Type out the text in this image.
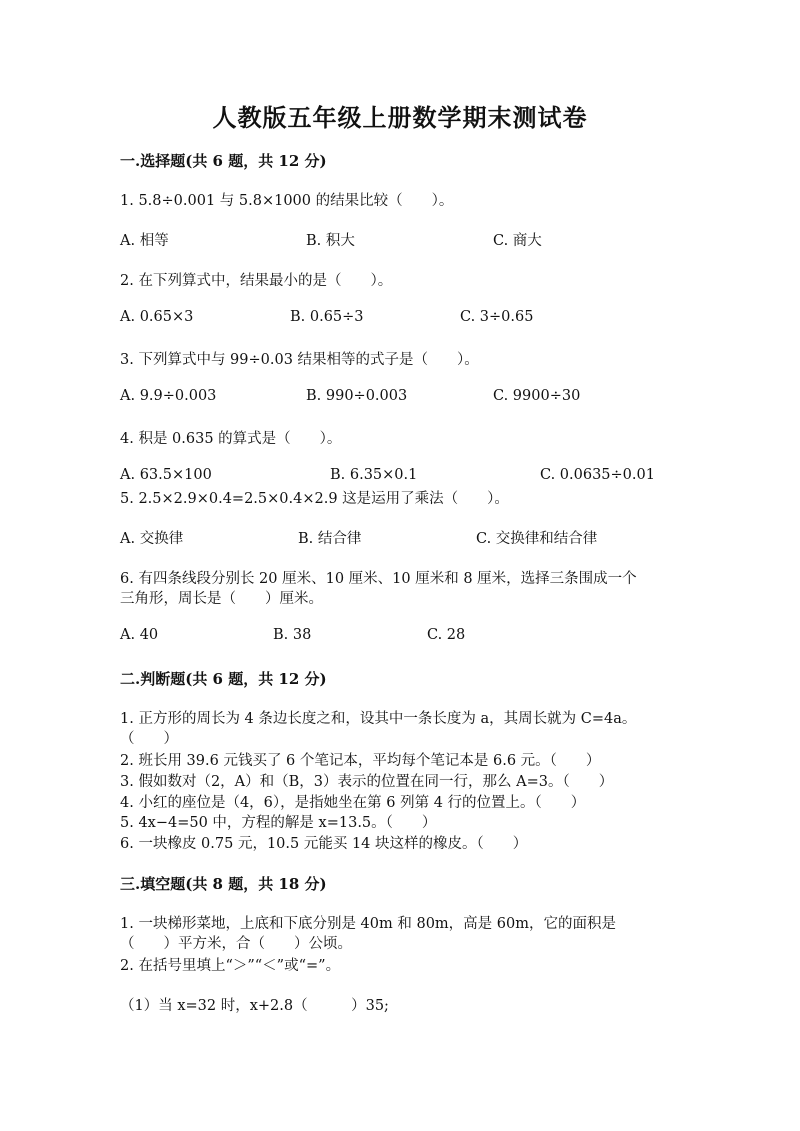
人教版五年级上册数学期末测试卷
一.选择题(共 6 题，共 12 分)
1. 5.8÷0.001 与 5.8×1000 的结果比较（　　）。
A. 相等	B. 积大	C. 商大
2. 在下列算式中，结果最小的是（　　）。
A. 0.65×3	B. 0.65÷3	C. 3÷0.65
3. 下列算式中与 99÷0.03 结果相等的式子是（　　）。
A. 9.9÷0.003	B. 990÷0.003	C. 9900÷30
4. 积是 0.635 的算式是（　　）。
A. 63.5×100	B. 6.35×0.1	C. 0.0635÷0.01
5. 2.5×2.9×0.4=2.5×0.4×2.9 这是运用了乘法（　　）。
A. 交换律	B. 结合律	C. 交换律和结合律
6. 有四条线段分别长 20 厘米、10 厘米、10 厘米和 8 厘米，选择三条围成一个
三角形，周长是（　　）厘米。
A. 40	B. 38	C. 28
二.判断题(共 6 题，共 12 分)
1. 正方形的周长为 4 条边长度之和，设其中一条长度为 a，其周长就为 C=4a。
（　　）
2. 班长用 39.6 元钱买了 6 个笔记本，平均每个笔记本是 6.6 元。（　　）
3. 假如数对（2，A）和（B，3）表示的位置在同一行，那么 A=3。（　　）
4. 小红的座位是（4，6），是指她坐在第 6 列第 4 行的位置上。（　　）
5. 4x−4=50 中，方程的解是 x=13.5。（　　）
6. 一块橡皮 0.75 元，10.5 元能买 14 块这样的橡皮。（　　）
三.填空题(共 8 题，共 18 分)
1. 一块梯形菜地，上底和下底分别是 40m 和 80m，高是 60m，它的面积是
（　　）平方米，合（　　）公顷。
2. 在括号里填上“＞”“＜”或“=”。
（1）当 x=32 时，x+2.8（　　　）35;
